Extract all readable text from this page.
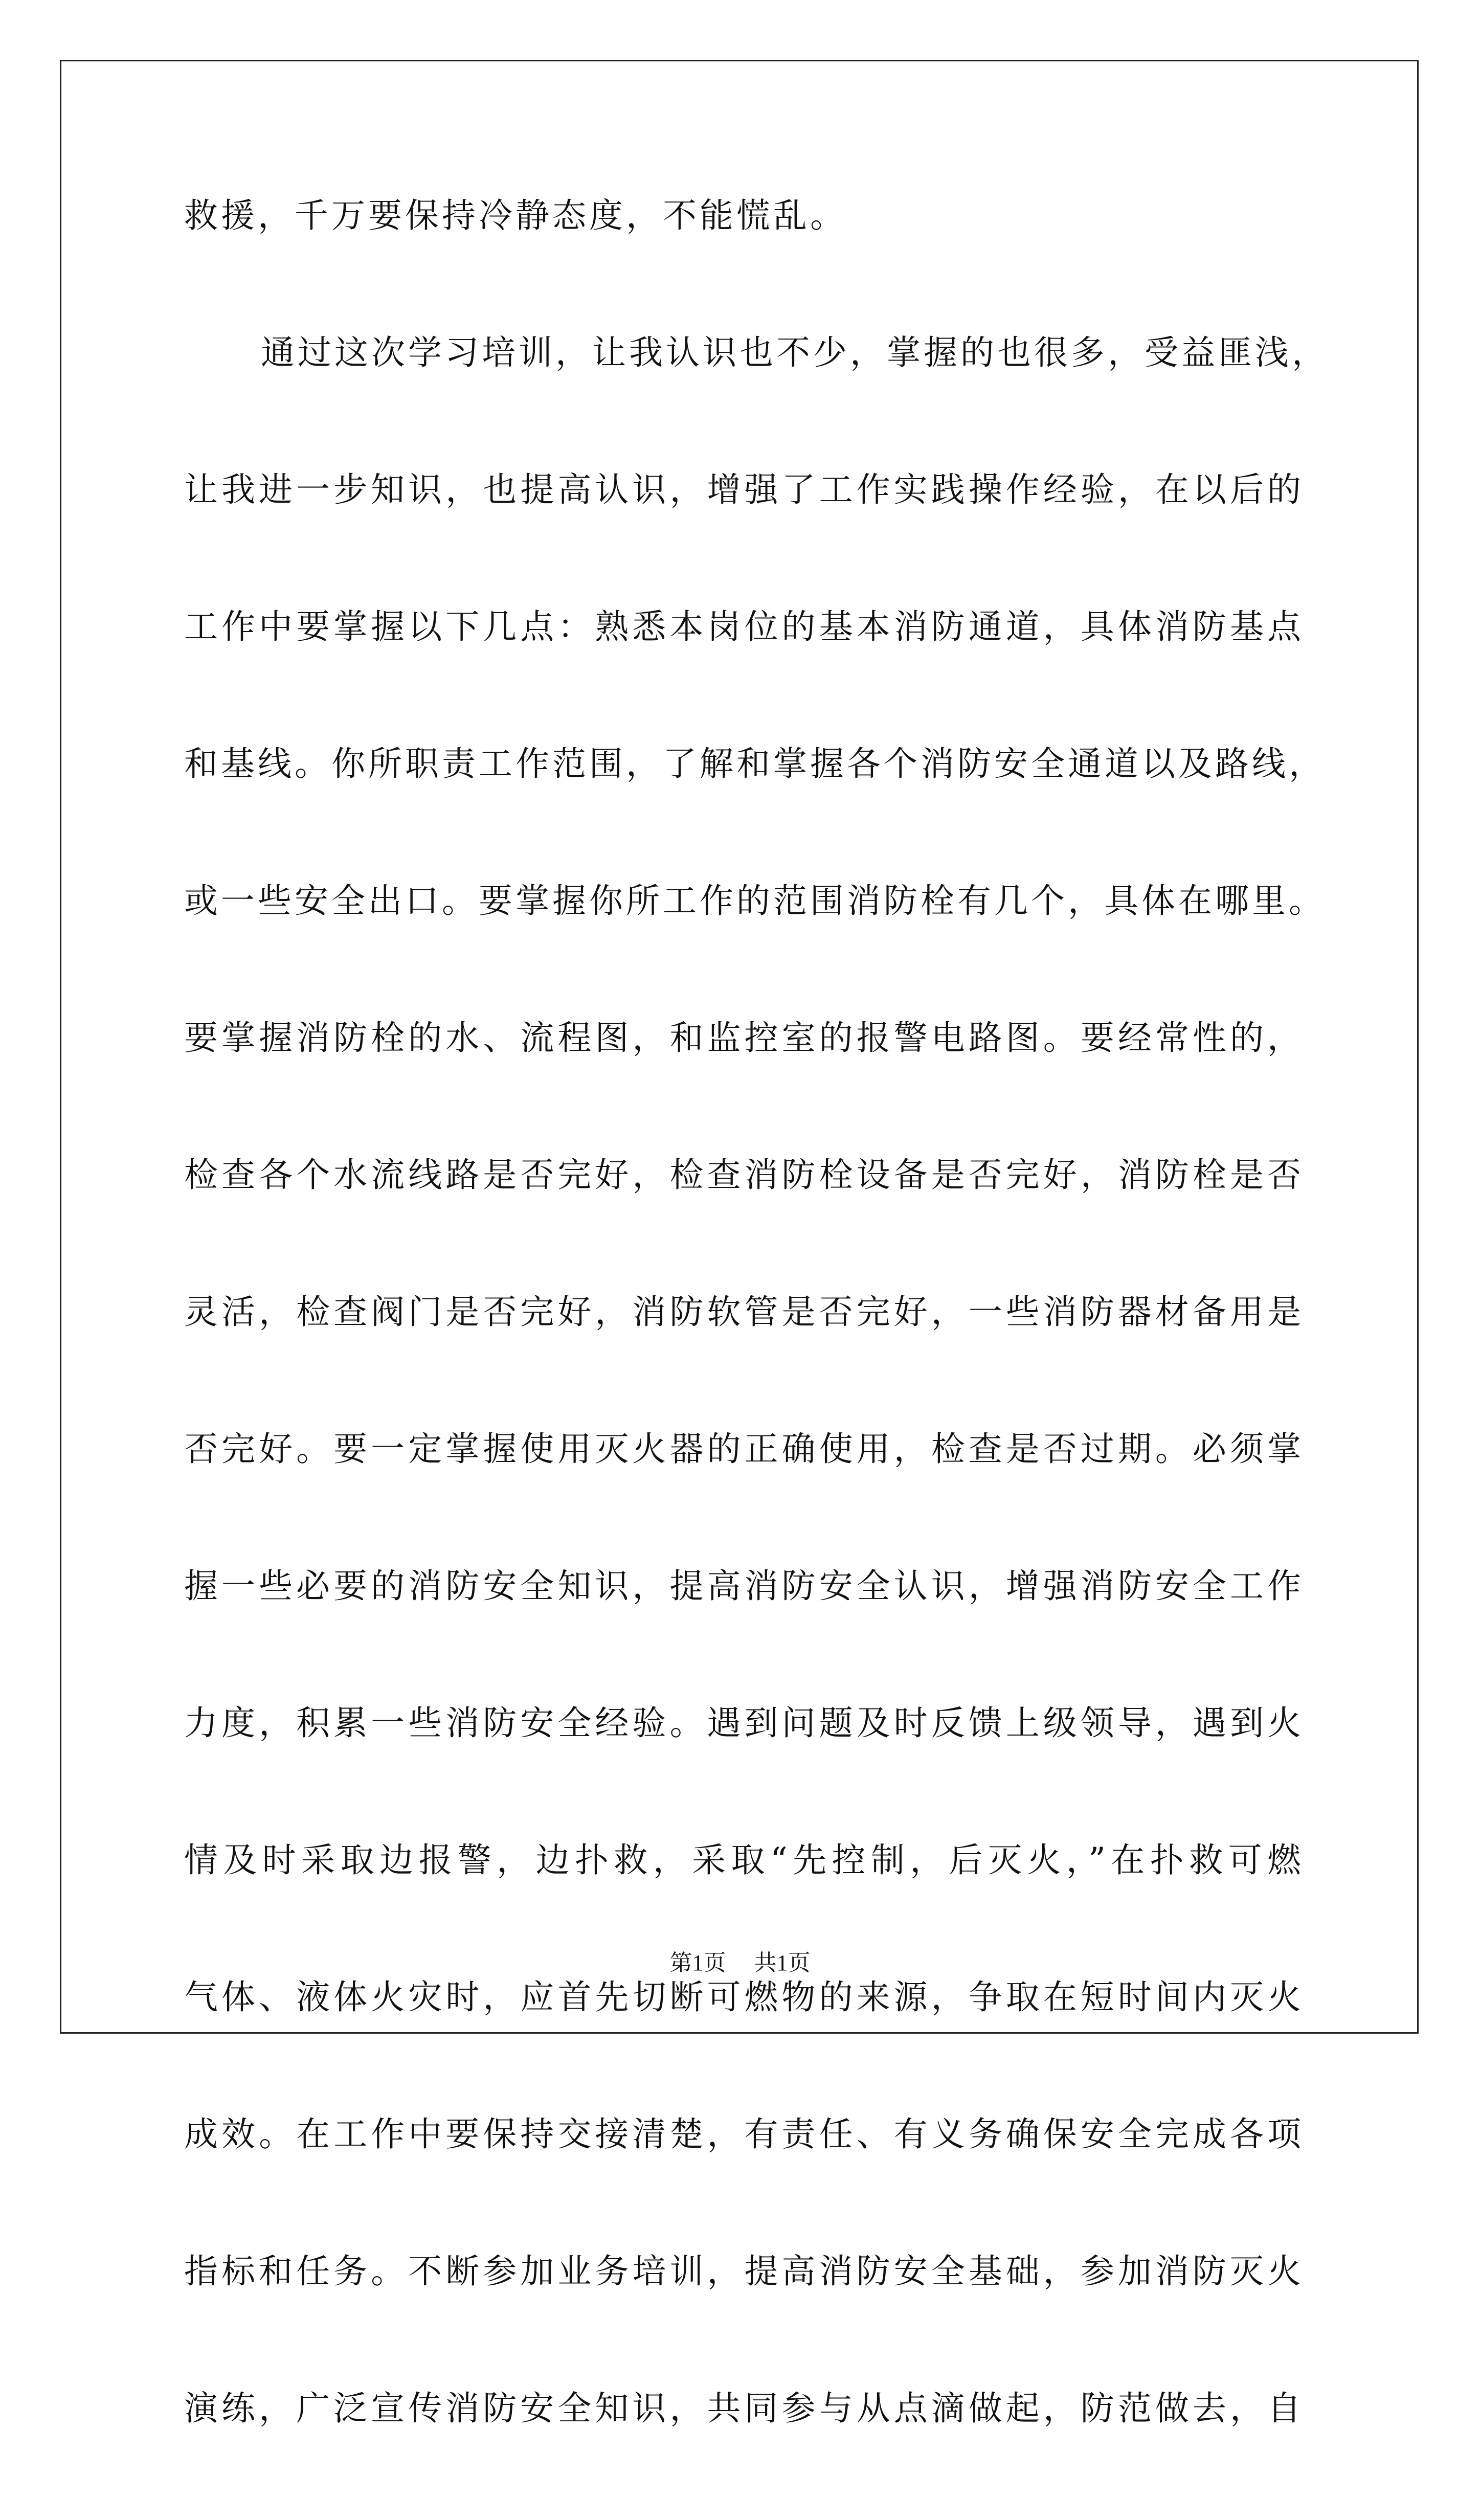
救援，千万要保持冷静态度，不能慌乱。
通过这次学习培训，让我认识也不少，掌握的也很多，受益匪浅，
让我进一步知识，也提高认识，增强了工作实践操作经验，在以后的
工作中要掌握以下几点：熟悉本岗位的基本消防通道，具体消防基点
和基线。你所职责工作范围，了解和掌握各个消防安全通道以及路线，
或一些安全出口。要掌握你所工作的范围消防栓有几个，具体在哪里。
要掌握消防栓的水、流程图，和监控室的报警电路图。要经常性的，
检查各个水流线路是否完好，检查消防栓设备是否完好，消防栓是否
灵活，检查阀门是否完好，消防软管是否完好，一些消防器材备用是
否完好。要一定掌握使用灭火器的正确使用，检查是否过期。必须掌
握一些必要的消防安全知识，提高消防安全认识，增强消防安全工作
力度，积累一些消防安全经验。遇到问题及时反馈上级领导，遇到火
情及时采取边报警，边扑救，采取“先控制，后灭火，”在扑救可燃
气体、液体火灾时，应首先切断可燃物的来源，争取在短时间内灭火
成效。在工作中要保持交接清楚，有责任、有义务确保安全完成各项
指标和任务。不断参加业务培训，提高消防安全基础，参加消防灭火
演练，广泛宣传消防安全知识，共同参与从点滴做起，防范做去，自
第1页 共1页
